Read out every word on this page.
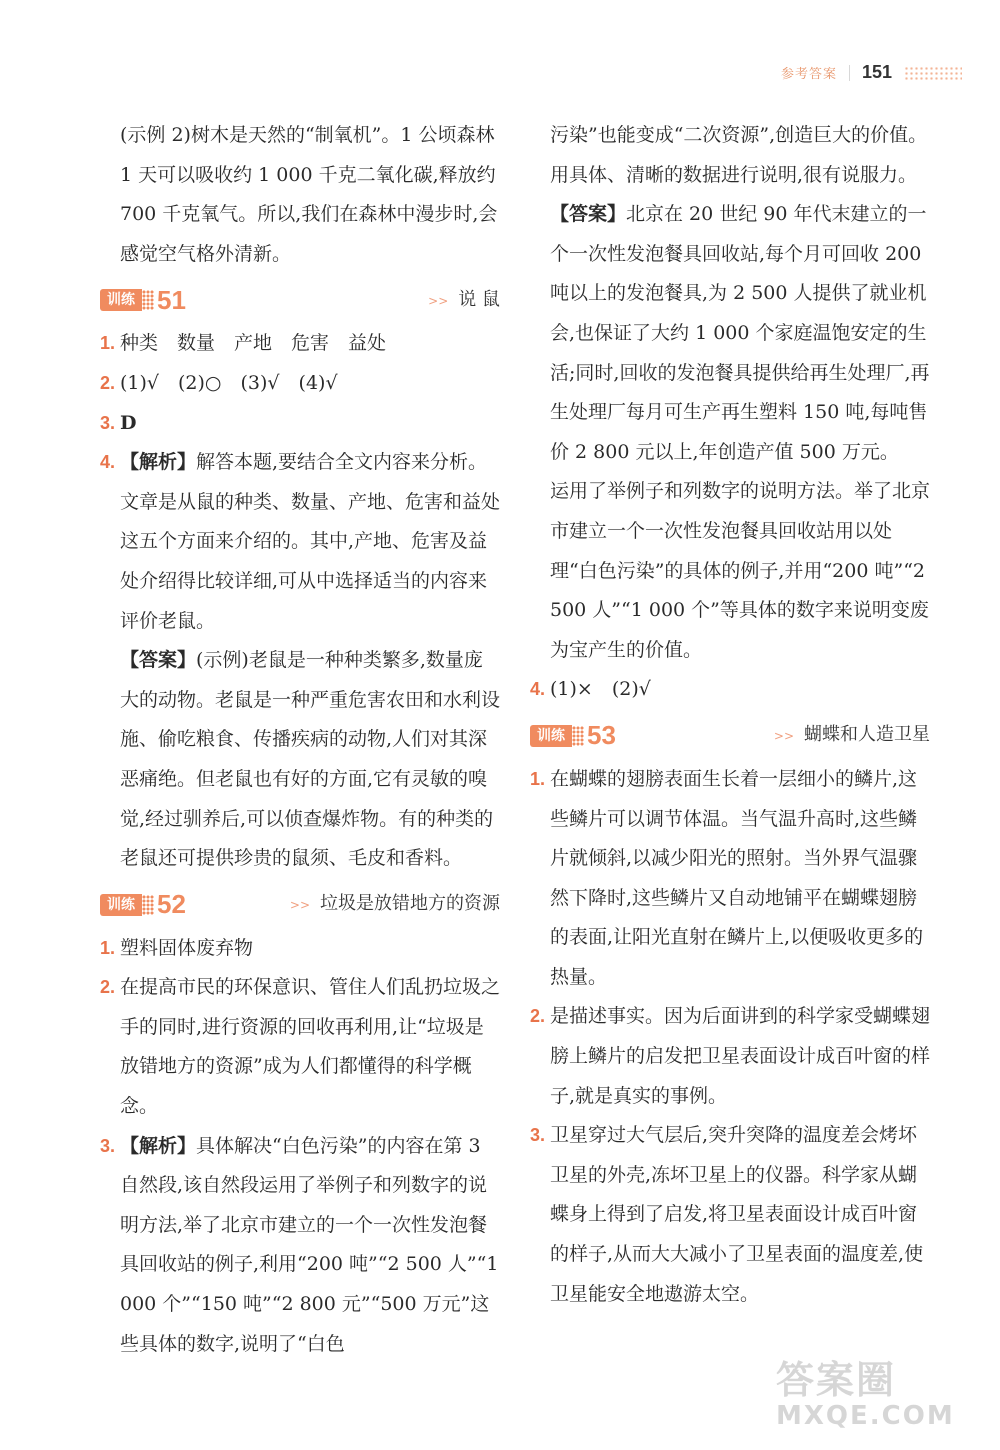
参考答案 151

(示例 2)树木是天然的“制氧机”。1 公顷森林 1 天可以吸收约 1 000 千克二氧化碳,释放约 700 千克氧气。所以,我们在森林中漫步时,会感觉空气格外清新。

训练 51	>> 说 鼠
1. 种类　数量　产地　危害　益处
2. (1)√　(2)○　(3)√　(4)√
3. D
4. 【解析】解答本题,要结合全文内容来分析。文章是从鼠的种类、数量、产地、危害和益处这五个方面来介绍的。其中,产地、危害及益处介绍得比较详细,可从中选择适当的内容来评价老鼠。

【答案】(示例)老鼠是一种种类繁多,数量庞大的动物。老鼠是一种严重危害农田和水利设施、偷吃粮食、传播疾病的动物,人们对其深恶痛绝。但老鼠也有好的方面,它有灵敏的嗅觉,经过驯养后,可以侦查爆炸物。有的种类的老鼠还可提供珍贵的鼠须、毛皮和香料。

训练 52	>> 垃圾是放错地方的资源
1. 塑料固体废弃物
2. 在提高市民的环保意识、管住人们乱扔垃圾之手的同时,进行资源的回收再利用,让“垃圾是放错地方的资源”成为人们都懂得的科学概念。
3. 【解析】具体解决“白色污染”的内容在第 3 自然段,该自然段运用了举例子和列数字的说明方法,举了北京市建立的一个一次性发泡餐具回收站的例子,利用“200 吨”“2 500 人”“1 000 个”“150 吨”“2 800 元”“500 万元”这些具体的数字,说明了“白色

污染”也能变成“二次资源”,创造巨大的价值。用具体、清晰的数据进行说明,很有说服力。

【答案】北京在 20 世纪 90 年代末建立的一个一次性发泡餐具回收站,每个月可回收 200 吨以上的发泡餐具,为 2 500 人提供了就业机会,也保证了大约 1 000 个家庭温饱安定的生活;同时,回收的发泡餐具提供给再生处理厂,再生处理厂每月可生产再生塑料 150 吨,每吨售价 2 800 元以上,年创造产值 500 万元。

运用了举例子和列数字的说明方法。举了北京市建立一个一次性发泡餐具回收站用以处理“白色污染”的具体的例子,并用“200 吨”“2 500 人”“1 000 个”等具体的数字来说明变废为宝产生的价值。

4. (1)×　(2)√
训练 53	>> 蝴蝶和人造卫星
1. 在蝴蝶的翅膀表面生长着一层细小的鳞片,这些鳞片可以调节体温。当气温升高时,这些鳞片就倾斜,以减少阳光的照射。当外界气温骤然下降时,这些鳞片又自动地铺平在蝴蝶翅膀的表面,让阳光直射在鳞片上,以便吸收更多的热量。
2. 是描述事实。因为后面讲到的科学家受蝴蝶翅膀上鳞片的启发把卫星表面设计成百叶窗的样子,就是真实的事例。
3. 卫星穿过大气层后,突升突降的温度差会烤坏卫星的外壳,冻坏卫星上的仪器。科学家从蝴蝶身上得到了启发,将卫星表面设计成百叶窗的样子,从而大大减小了卫星表面的温度差,使卫星能安全地遨游太空。
答案圈
MXQE.COM
